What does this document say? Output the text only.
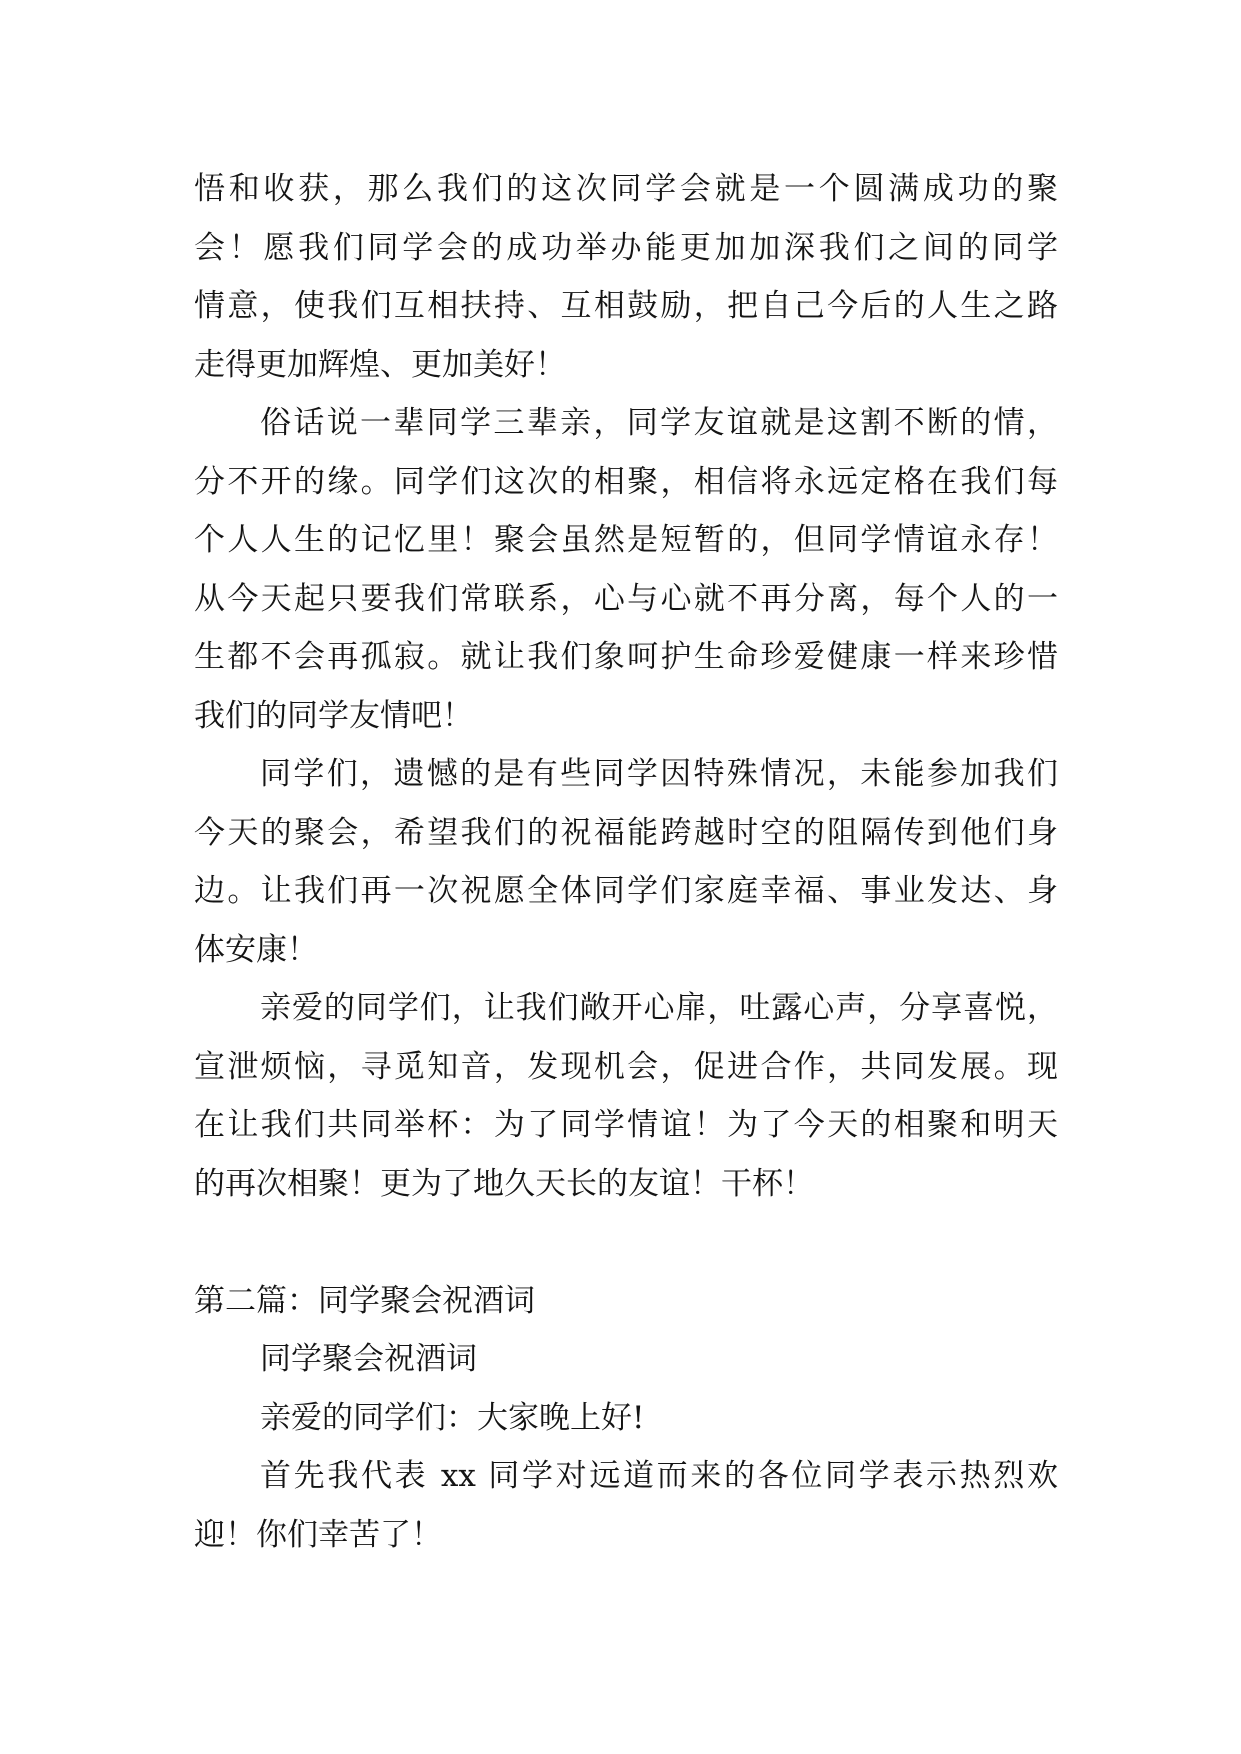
悟和收获，那么我们的这次同学会就是一个圆满成功的聚
会！愿我们同学会的成功举办能更加加深我们之间的同学
情意，使我们互相扶持、互相鼓励，把自己今后的人生之路
走得更加辉煌、更加美好！
俗话说一辈同学三辈亲，同学友谊就是这割不断的情，
分不开的缘。同学们这次的相聚，相信将永远定格在我们每
个人人生的记忆里！聚会虽然是短暂的，但同学情谊永存！
从今天起只要我们常联系，心与心就不再分离，每个人的一
生都不会再孤寂。就让我们象呵护生命珍爱健康一样来珍惜
我们的同学友情吧！
同学们，遗憾的是有些同学因特殊情况，未能参加我们
今天的聚会，希望我们的祝福能跨越时空的阻隔传到他们身
边。让我们再一次祝愿全体同学们家庭幸福、事业发达、身
体安康！
亲爱的同学们，让我们敞开心扉，吐露心声，分享喜悦，
宣泄烦恼，寻觅知音，发现机会，促进合作，共同发展。现
在让我们共同举杯：为了同学情谊！为了今天的相聚和明天
的再次相聚！更为了地久天长的友谊！干杯！
第二篇：同学聚会祝酒词
同学聚会祝酒词
亲爱的同学们：大家晚上好!
首先我代表 xx 同学对远道而来的各位同学表示热烈欢
迎！你们幸苦了！
